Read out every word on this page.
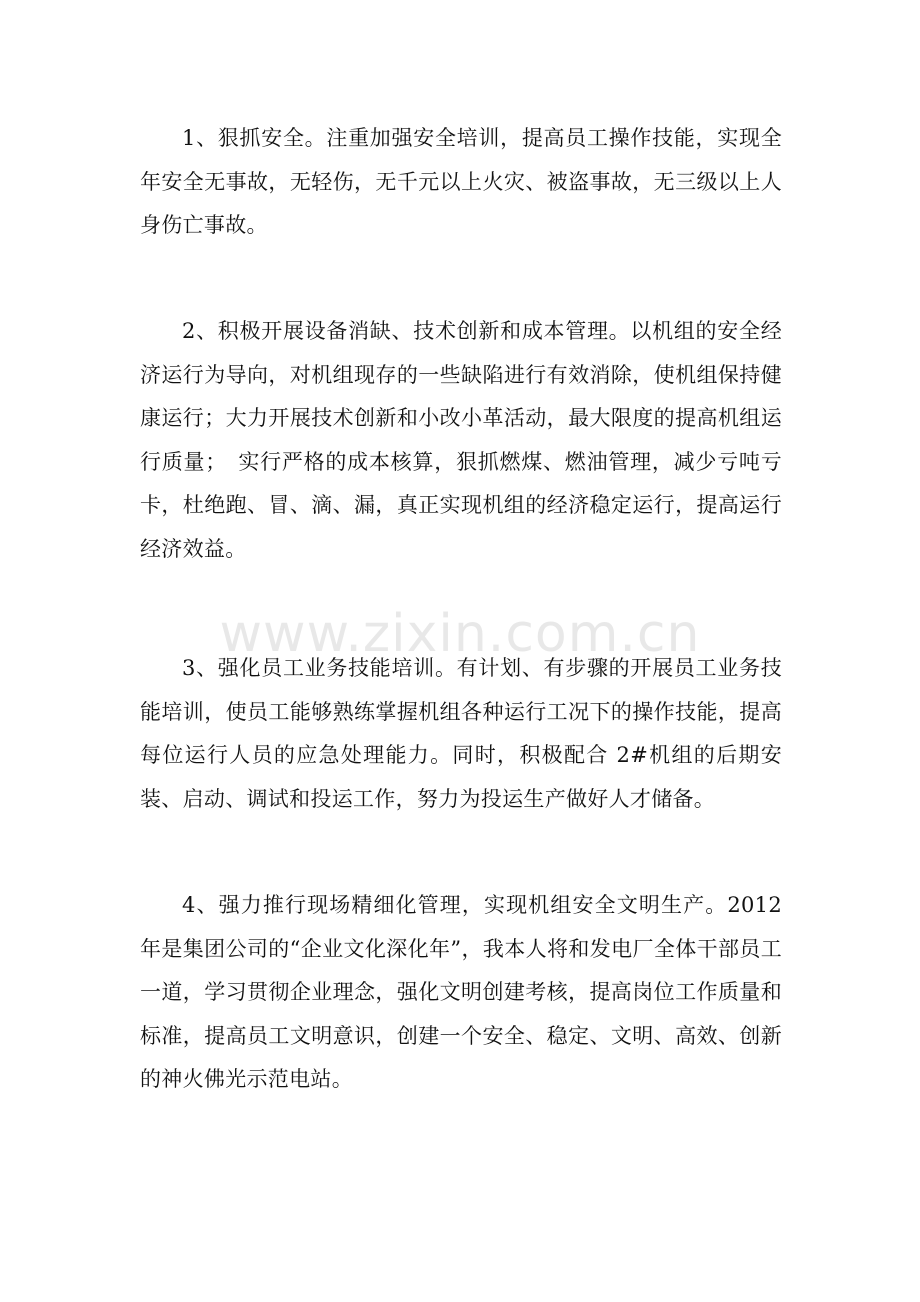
1、狠抓安全。注重加强安全培训，提高员工操作技能，实现全年安全无事故，无轻伤，无千元以上火灾、被盗事故，无三级以上人身伤亡事故。

2、积极开展设备消缺、技术创新和成本管理。以机组的安全经济运行为导向，对机组现存的一些缺陷进行有效消除，使机组保持健康运行；大力开展技术创新和小改小革活动，最大限度的提高机组运行质量；　实行严格的成本核算，狠抓燃煤、燃油管理，减少亏吨亏卡，杜绝跑、冒、滴、漏，真正实现机组的经济稳定运行，提高运行经济效益。

3、强化员工业务技能培训。有计划、有步骤的开展员工业务技能培训，使员工能够熟练掌握机组各种运行工况下的操作技能，提高每位运行人员的应急处理能力。同时，积极配合 2#机组的后期安装、启动、调试和投运工作，努力为投运生产做好人才储备。

4、强力推行现场精细化管理，实现机组安全文明生产。2012 年是集团公司的“企业文化深化年”，我本人将和发电厂全体干部员工一道，学习贯彻企业理念，强化文明创建考核，提高岗位工作质量和标准，提高员工文明意识，创建一个安全、稳定、文明、高效、创新的神火佛光示范电站。

www.zixin.com.cn
